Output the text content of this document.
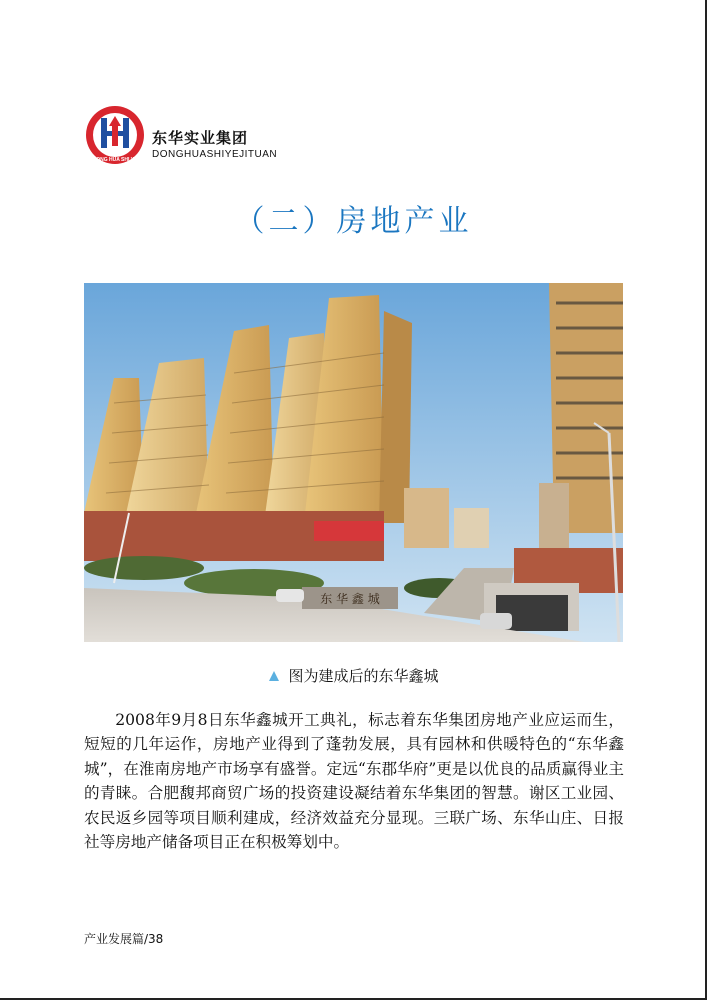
DONG HUA SHI YE
东华实业集团
DONGHUASHIYEJITUAN
（二）房地产业
东 华 鑫 城
图为建成后的东华鑫城

2008年9月8日东华鑫城开工典礼，标志着东华集团房地产业应运而生，短短的几年运作，房地产业得到了蓬勃发展，具有园林和供暖特色的“东华鑫城”，在淮南房地产市场享有盛誉。定远“东郡华府”更是以优良的品质赢得业主的青睐。合肥馥邦商贸广场的投资建设凝结着东华集团的智慧。谢区工业园、农民返乡园等项目顺利建成，经济效益充分显现。三联广场、东华山庄、日报社等房地产储备项目正在积极筹划中。

产业发展篇/38
